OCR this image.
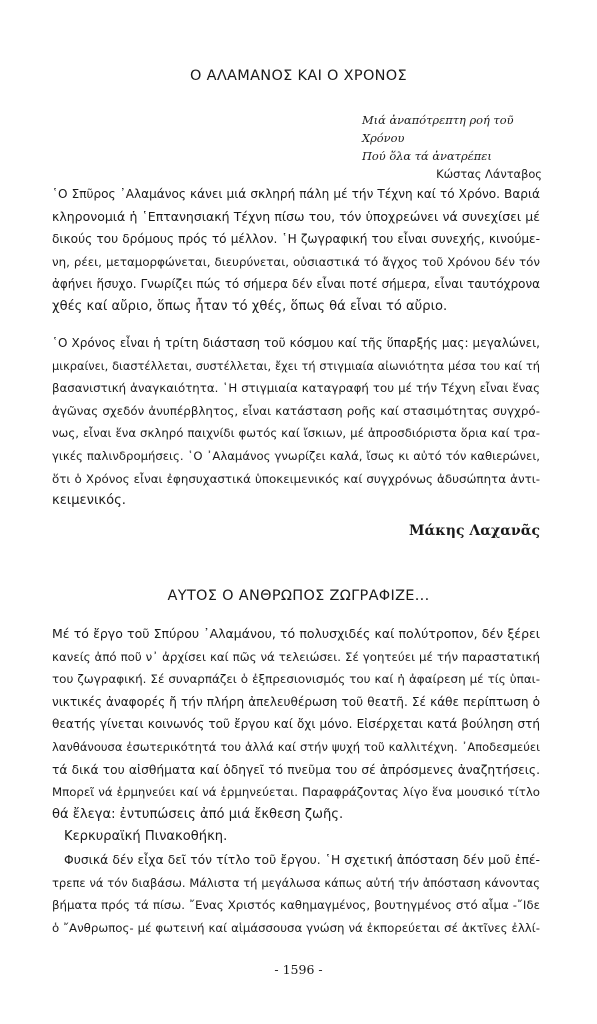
Ο ΑΛΑΜΑΝΟΣ ΚΑΙ Ο ΧΡΟΝΟΣ
Μιά ἀναπότρεπτη ροή τοῦ Χρόνου
Πού ὅλα τά ἀνατρέπει
Κώστας Λάνταβος
῾Ο Σπῦρος ᾿Αλαμάνος κάνει μιά σκληρή πάλη μέ τήν Τέχνη καί τό Χρόνο. Βαριά
κληρονομιά ἡ ῾Επτανησιακή Τέχνη πίσω του, τόν ὑποχρεώνει νά συνεχίσει μέ
δικούς του δρόμους πρός τό μέλλον. ῾Η ζωγραφική του εἶναι συνεχής, κινούμε-
νη, ρέει, μεταμορφώνεται, διευρύνεται, οὐσιαστικά τό ἄγχος τοῦ Χρόνου δέν τόν
ἀφήνει ἥσυχο. Γνωρίζει πώς τό σήμερα δέν εἶναι ποτέ σήμερα, εἶναι ταυτόχρονα
χθές καί αὔριο, ὅπως ἦταν τό χθές, ὅπως θά εἶναι τό αὔριο.
῾Ο Χρόνος εἶναι ἡ τρίτη διάσταση τοῦ κόσμου καί τῆς ὕπαρξής μας: μεγαλώνει,
μικραίνει, διαστέλλεται, συστέλλεται, ἔχει τή στιγμιαία αἰωνιότητα μέσα του καί τή
βασανιστική ἀναγκαιότητα. ῾Η στιγμιαία καταγραφή του μέ τήν Τέχνη εἶναι ἕνας
ἀγῶνας σχεδόν ἀνυπέρβλητος, εἶναι κατάσταση ροῆς καί στασιμότητας συγχρό-
νως, εἶναι ἕνα σκληρό παιχνίδι φωτός καί ἴσκιων, μέ ἀπροσδιόριστα ὅρια καί τρα-
γικές παλινδρομήσεις. ῾Ο ᾿Αλαμάνος γνωρίζει καλά, ἴσως κι αὐτό τόν καθιερώνει,
ὅτι ὁ Χρόνος εἶναι ἐφησυχαστικά ὑποκειμενικός καί συγχρόνως ἀδυσώπητα ἀντι-
κειμενικός.
Μάκης Λαχανᾶς
ΑΥΤΟΣ Ο ΑΝΘΡΩΠΟΣ ΖΩΓΡΑΦΙΖΕ...
Μέ τό ἔργο τοῦ Σπύρου ᾿Αλαμάνου, τό πολυσχιδές καί πολύτροπον, δέν ξέρει
κανείς ἀπό ποῦ ν᾿ ἀρχίσει καί πῶς νά τελειώσει. Σέ γοητεύει μέ τήν παραστατική
του ζωγραφική. Σέ συναρπάζει ὁ ἐξπρεσιονισμός του καί ἡ ἀφαίρεση μέ τίς ὑπαι-
νικτικές ἀναφορές ἤ τήν πλήρη ἀπελευθέρωση τοῦ θεατῆ. Σέ κάθε περίπτωση ὁ
θεατής γίνεται κοινωνός τοῦ ἔργου καί ὄχι μόνο. Εἰσέρχεται κατά βούληση στή
λανθάνουσα ἐσωτερικότητά του ἀλλά καί στήν ψυχή τοῦ καλλιτέχνη. ᾿Αποδεσμεύει
τά δικά του αἰσθήματα καί ὁδηγεῖ τό πνεῦμα του σέ ἀπρόσμενες ἀναζητήσεις.
Μπορεῖ νά ἑρμηνεύει καί νά ἑρμηνεύεται. Παραφράζοντας λίγο ἕνα μουσικό τίτλο
θά ἔλεγα: ἐντυπώσεις ἀπό μιά ἔκθεση ζωῆς.
Κερκυραϊκή Πινακοθήκη.
Φυσικά δέν εἶχα δεῖ τόν τίτλο τοῦ ἔργου. ῾Η σχετική ἀπόσταση δέν μοῦ ἐπέ-
τρεπε νά τόν διαβάσω. Μάλιστα τή μεγάλωσα κάπως αὐτή τήν ἀπόσταση κάνοντας
βήματα πρός τά πίσω. ῎Ενας Χριστός καθημαγμένος, βουτηγμένος στό αἷμα -῎Ιδε
ὁ ῎Ανθρωπος- μέ φωτεινή καί αἱμάσσουσα γνώση νά ἐκπορεύεται σέ ἀκτῖνες ἐλλί-
- 1596 -
